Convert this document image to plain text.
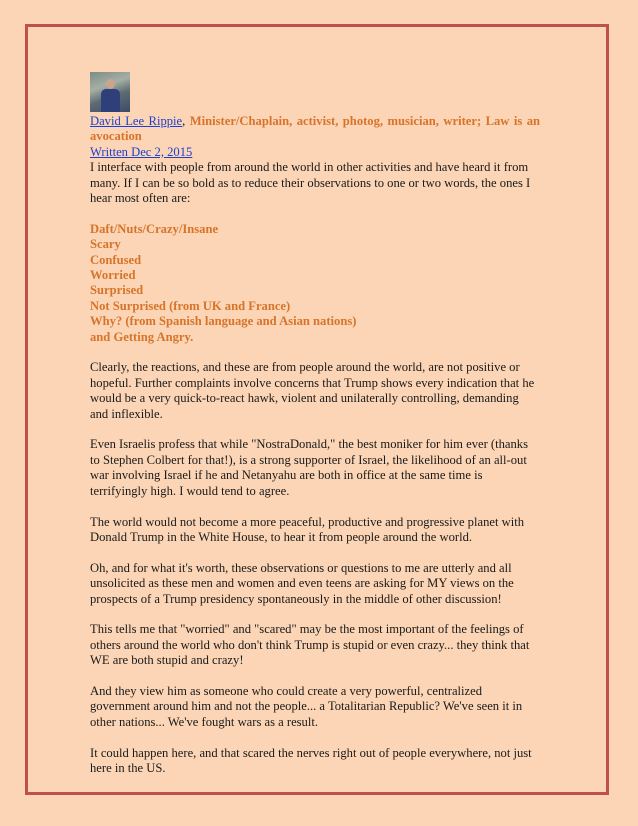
David Lee Rippie, Minister/Chaplain, activist, photog, musician, writer; Law is an avocation
Written Dec 2, 2015

I interface with people from around the world in other activities and have heard it from many. If I can be so bold as to reduce their observations to one or two words, the ones I hear most often are:

Daft/Nuts/Crazy/Insane
Scary
Confused
Worried
Surprised
Not Surprised (from UK and France)
Why? (from Spanish language and Asian nations)
and Getting Angry.

Clearly, the reactions, and these are from people around the world, are not positive or hopeful. Further complaints involve concerns that Trump shows every indication that he would be a very quick-to-react hawk, violent and unilaterally controlling, demanding and inflexible.

Even Israelis profess that while "NostraDonald," the best moniker for him ever (thanks to Stephen Colbert for that!), is a strong supporter of Israel, the likelihood of an all-out war involving Israel if he and Netanyahu are both in office at the same time is terrifyingly high. I would tend to agree.

The world would not become a more peaceful, productive and progressive planet with Donald Trump in the White House, to hear it from people around the world.

Oh, and for what it's worth, these observations or questions to me are utterly and all unsolicited as these men and women and even teens are asking for MY views on the prospects of a Trump presidency spontaneously in the middle of other discussion!

This tells me that "worried" and "scared" may be the most important of the feelings of others around the world who don't think Trump is stupid or even crazy... they think that WE are both stupid and crazy!

And they view him as someone who could create a very powerful, centralized government around him and not the people... a Totalitarian Republic? We've seen it in other nations... We've fought wars as a result.

It could happen here, and that scared the nerves right out of people everywhere, not just here in the US.
